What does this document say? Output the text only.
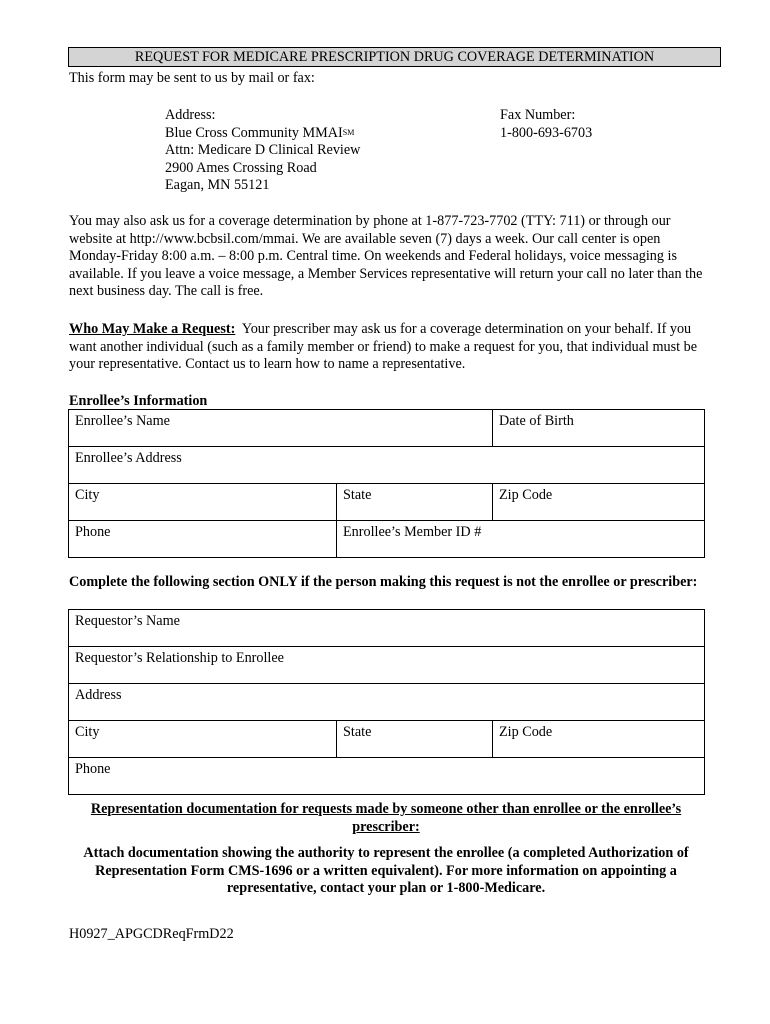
REQUEST FOR MEDICARE PRESCRIPTION DRUG COVERAGE DETERMINATION
This form may be sent to us by mail or fax:
Address:
Blue Cross Community MMAI℠
Attn: Medicare D Clinical Review
2900 Ames Crossing Road
Eagan, MN 55121
Fax Number:
1-800-693-6703
You may also ask us for a coverage determination by phone at 1-877-723-7702 (TTY: 711) or through our website at http://www.bcbsil.com/mmai. We are available seven (7) days a week. Our call center is open Monday-Friday 8:00 a.m. – 8:00 p.m. Central time. On weekends and Federal holidays, voice messaging is available. If you leave a voice message, a Member Services representative will return your call no later than the next business day. The call is free.
Who May Make a Request: Your prescriber may ask us for a coverage determination on your behalf. If you want another individual (such as a family member or friend) to make a request for you, that individual must be your representative. Contact us to learn how to name a representative.
Enrollee’s Information
Enrollee’s Name		Date of Birth
Enrollee’s Address		
City	State	Zip Code
Phone	Enrollee’s Member ID #	
Complete the following section ONLY if the person making this request is not the enrollee or prescriber:
Requestor’s Name
Requestor’s Relationship to Enrollee
Address
City	State	Zip Code
Phone
Representation documentation for requests made by someone other than enrollee or the enrollee’s
prescriber:
Attach documentation showing the authority to represent the enrollee (a completed Authorization of Representation Form CMS-1696 or a written equivalent). For more information on appointing a representative, contact your plan or 1-800-Medicare.
H0927_APGCDReqFrmD22
